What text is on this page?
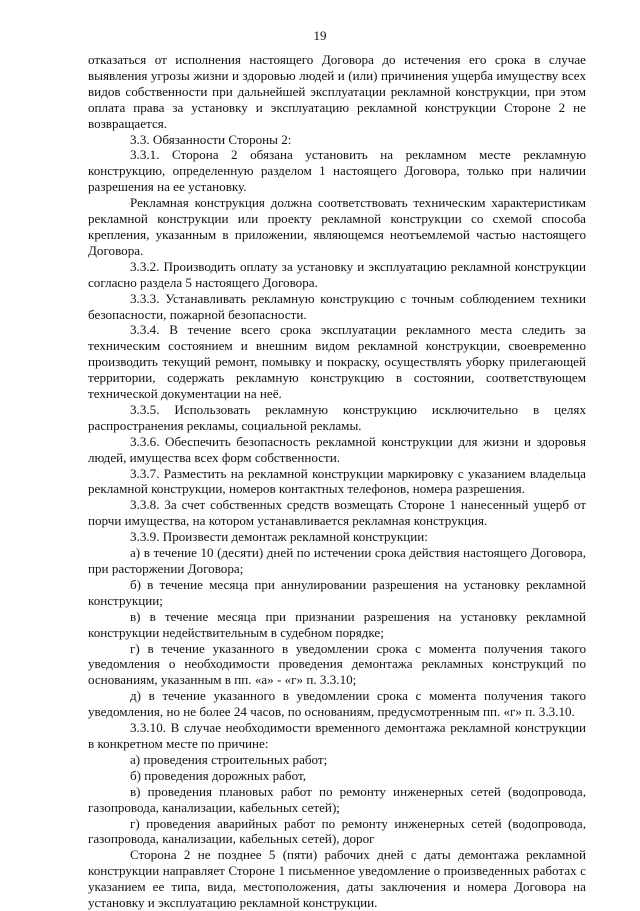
19

отказаться от исполнения настоящего Договора до истечения его срока в случае выявления угрозы жизни и здоровью людей и (или) причинения ущерба имуществу всех видов собственности при дальнейшей эксплуатации рекламной конструкции, при этом оплата права за установку и эксплуатацию рекламной конструкции Стороне 2 не возвращается.

3.3. Обязанности Стороны 2:

3.3.1. Сторона 2 обязана установить на рекламном месте рекламную конструкцию, определенную разделом 1 настоящего Договора, только при наличии разрешения на ее установку.

Рекламная конструкция должна соответствовать техническим характеристикам рекламной конструкции или проекту рекламной конструкции со схемой способа крепления, указанным в приложении, являющемся неотъемлемой частью настоящего Договора.

3.3.2. Производить оплату за установку и эксплуатацию рекламной конструкции согласно раздела 5 настоящего Договора.

3.3.3. Устанавливать рекламную конструкцию с точным соблюдением техники безопасности, пожарной безопасности.

3.3.4. В течение всего срока эксплуатации рекламного места следить за техническим состоянием и внешним видом рекламной конструкции, своевременно производить текущий ремонт, помывку и покраску, осуществлять уборку прилегающей территории, содержать рекламную конструкцию в состоянии, соответствующем технической документации на неё.

3.3.5. Использовать рекламную конструкцию исключительно в целях распространения рекламы, социальной рекламы.

3.3.6. Обеспечить безопасность рекламной конструкции для жизни и здоровья людей, имущества всех форм собственности.

3.3.7. Разместить на рекламной конструкции маркировку с указанием владельца рекламной конструкции, номеров контактных телефонов, номера разрешения.

3.3.8. За счет собственных средств возмещать Стороне 1 нанесенный ущерб от порчи имущества, на котором устанавливается рекламная конструкция.

3.3.9. Произвести демонтаж рекламной конструкции:

а) в течение 10 (десяти) дней по истечении срока действия настоящего Договора, при расторжении Договора;

б) в течение месяца при аннулировании разрешения на установку рекламной конструкции;

в) в течение месяца при признании разрешения на установку рекламной конструкции недействительным в судебном порядке;

г) в течение указанного в уведомлении срока с момента получения такого уведомления о необходимости проведения демонтажа рекламных конструкций по основаниям, указанным в пп. «а» - «г» п. 3.3.10;

д) в течение указанного в уведомлении срока с момента получения такого уведомления, но не более 24 часов, по основаниям, предусмотренным пп. «г» п. 3.3.10.

3.3.10. В случае необходимости временного демонтажа рекламной конструкции в конкретном месте по причине:

а) проведения строительных работ;

б) проведения дорожных работ,

в) проведения плановых работ по ремонту инженерных сетей (водопровода, газопровода, канализации, кабельных сетей);

г) проведения аварийных работ по ремонту инженерных сетей (водопровода, газопровода, канализации, кабельных сетей), дорог

Сторона 2 не позднее 5 (пяти) рабочих дней с даты демонтажа рекламной конструкции направляет Стороне 1 письменное уведомление о произведенных работах с указанием ее типа, вида, местоположения, даты заключения и номера Договора на установку и эксплуатацию рекламной конструкции.
